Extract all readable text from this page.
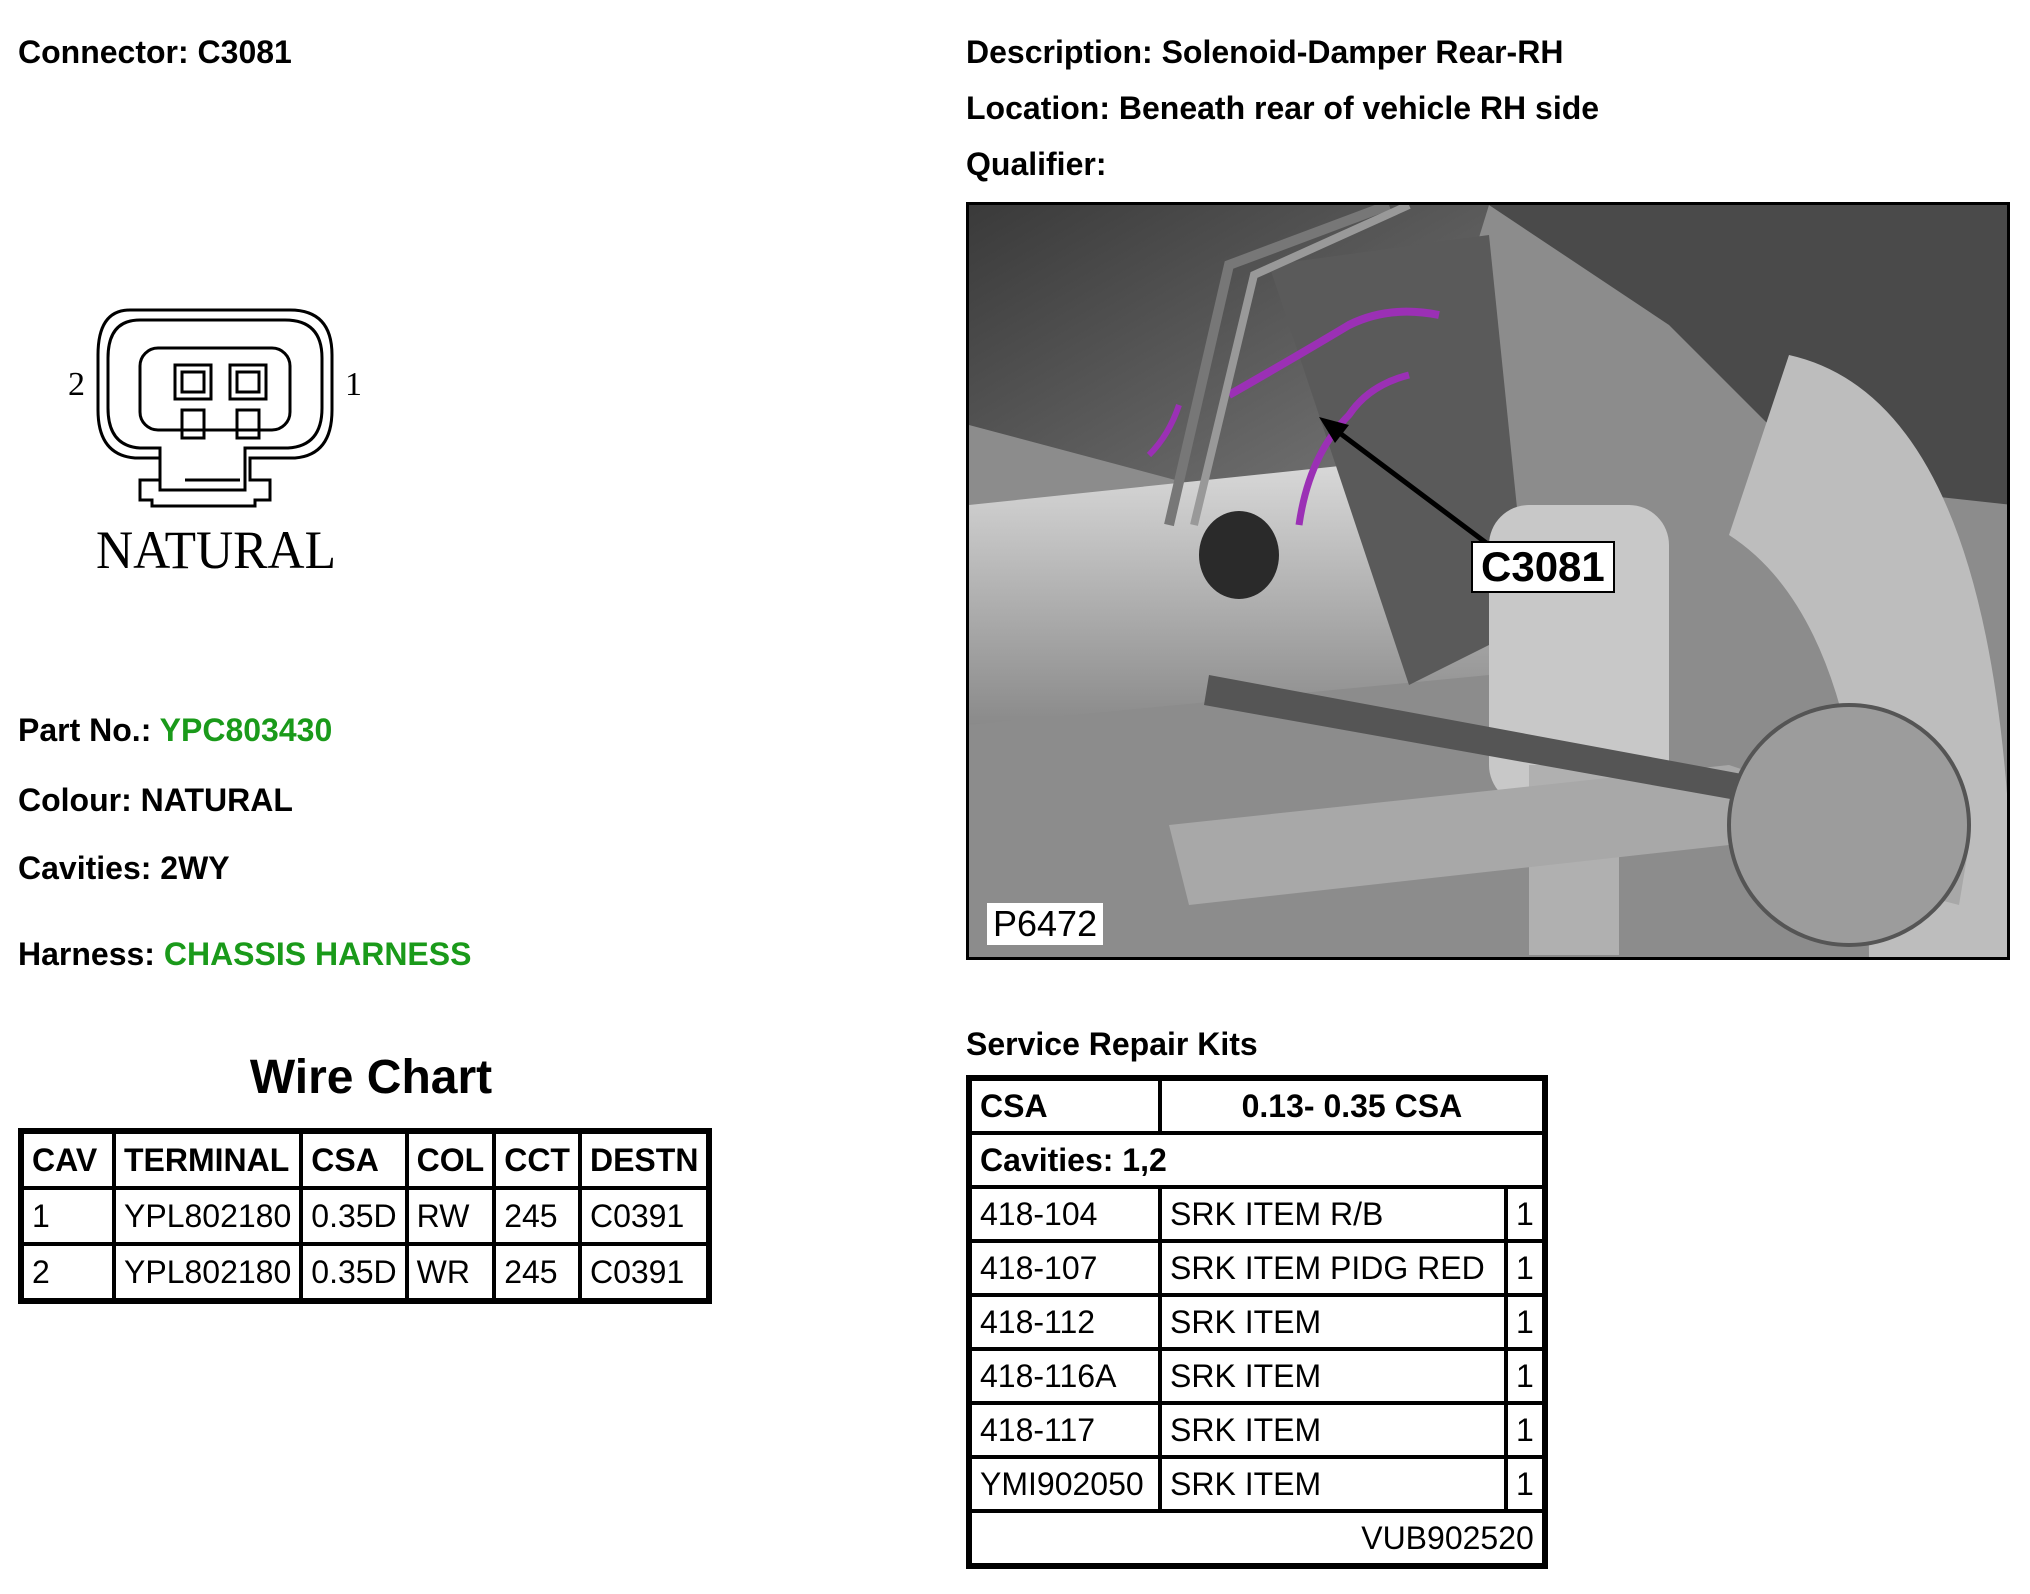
Connector: C3081	Description: Solenoid-Damper Rear-RH
Location: Beneath rear of vehicle RH side
Qualifier:
2	1
NATURAL
Part No.: YPC803430
Colour: NATURAL
Cavities: 2WY
Harness: CHASSIS HARNESS
Wire Chart
CAV	TERMINAL	CSA	COL	CCT	DESTN
1	YPL802180	0.35D	RW	245	C0391
2	YPL802180	0.35D	WR	245	C0391
C3081
P6472
Service Repair Kits
CSA	0.13- 0.35 CSA	
Cavities: 1,2		
418-104	SRK ITEM R/B	1
418-107	SRK ITEM PIDG RED	1
418-112	SRK ITEM	1
418-116A	SRK ITEM	1
418-117	SRK ITEM	1
YMI902050	SRK ITEM	1
VUB902520		
